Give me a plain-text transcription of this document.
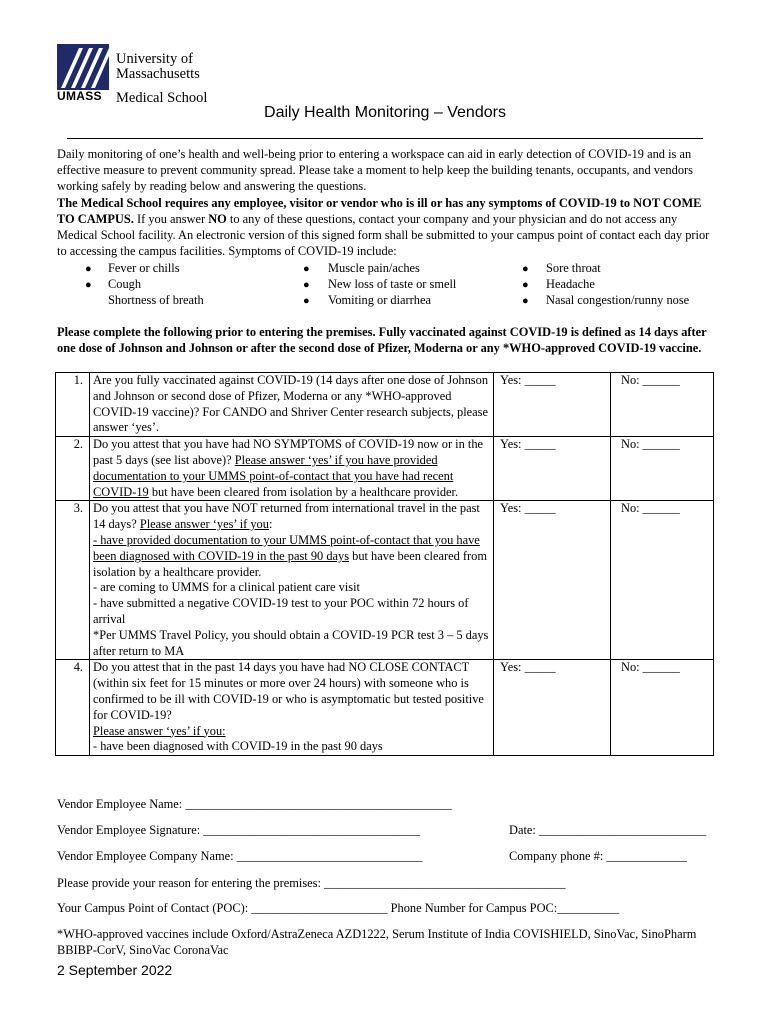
University of
Massachusetts
UMASS Medical School
Daily Health Monitoring – Vendors
Daily monitoring of one’s health and well-being prior to entering a workspace can aid in early detection of COVID-19 and is an effective measure to prevent community spread. Please take a moment to help keep the building tenants, occupants, and vendors working safely by reading below and answering the questions.
The Medical School requires any employee, visitor or vendor who is ill or has any symptoms of COVID-19 to NOT COME TO CAMPUS. If you answer NO to any of these questions, contact your company and your physician and do not access any Medical School facility. An electronic version of this signed form shall be submitted to your campus point of contact each day prior to accessing the campus facilities. Symptoms of COVID-19 include:
● Fever or chills
● Cough
Shortness of breath
● Muscle pain/aches
● New loss of taste or smell
● Vomiting or diarrhea
● Sore throat
● Headache
● Nasal congestion/runny nose
Please complete the following prior to entering the premises. Fully vaccinated against COVID-19 is defined as 14 days after one dose of Johnson and Johnson or after the second dose of Pfizer, Moderna or any *WHO-approved COVID-19 vaccine.
1.	Are you fully vaccinated against COVID-19 (14 days after one dose of Johnson and Johnson or second dose of Pfizer, Moderna or any *WHO-approved COVID-19 vaccine)? For CANDO and Shriver Center research subjects, please answer ‘yes’.	Yes: _____	No: ______
2.	Do you attest that you have had NO SYMPTOMS of COVID-19 now or in the past 5 days (see list above)? Please answer ‘yes’ if you have provided documentation to your UMMS point-of-contact that you have had recent COVID-19 but have been cleared from isolation by a healthcare provider.	Yes: _____	No: ______
3.	Do you attest that you have NOT returned from international travel in the past 14 days? Please answer ‘yes’ if you:
- have provided documentation to your UMMS point-of-contact that you have been diagnosed with COVID-19 in the past 90 days but have been cleared from isolation by a healthcare provider.
- are coming to UMMS for a clinical patient care visit
- have submitted a negative COVID-19 test to your POC within 72 hours of arrival
*Per UMMS Travel Policy, you should obtain a COVID-19 PCR test 3 – 5 days after return to MA	Yes: _____	No: ______
4.	Do you attest that in the past 14 days you have had NO CLOSE CONTACT (within six feet for 15 minutes or more over 24 hours) with someone who is confirmed to be ill with COVID-19 or who is asymptomatic but tested positive for COVID-19?
Please answer ‘yes’ if you:
- have been diagnosed with COVID-19 in the past 90 days	Yes: _____	No: ______
Vendor Employee Name: ___________________________________________
Vendor Employee Signature: ___________________________________	Date: ___________________________
Vendor Employee Company Name: ______________________________	Company phone #: _____________
Please provide your reason for entering the premises: _______________________________________
Your Campus Point of Contact (POC): ______________________ Phone Number for Campus POC:__________
*WHO-approved vaccines include Oxford/AstraZeneca AZD1222, Serum Institute of India COVISHIELD, SinoVac, SinoPharm BBIBP-CorV, SinoVac CoronaVac
2 September 2022
